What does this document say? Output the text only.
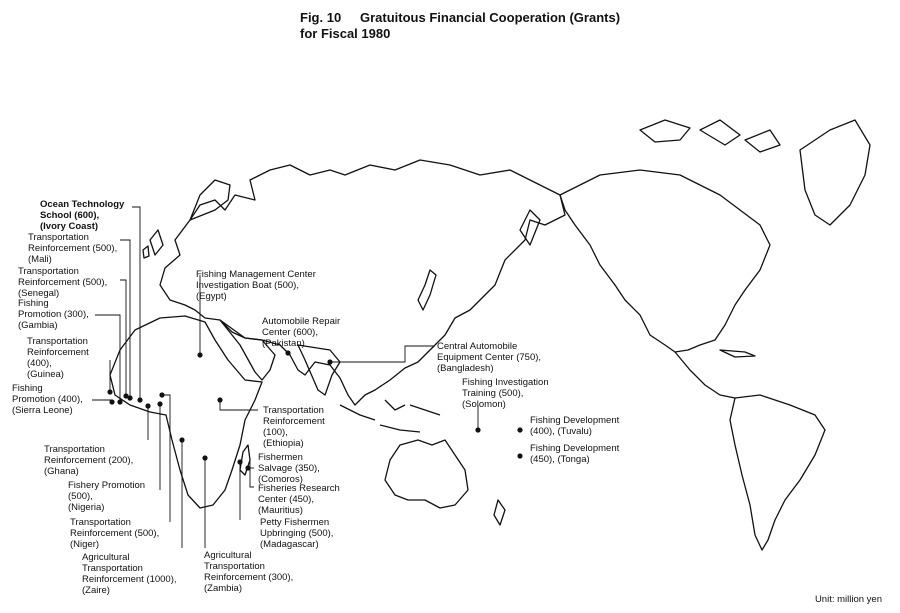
Fig. 10 Gratuitous Financial Cooperation (Grants)
for Fiscal 1980
Ocean Technology
School (600),
(Ivory Coast)
Transportation
Reinforcement (500),
(Mali)
Transportation
Reinforcement (500),
(Senegal)
Fishing
Promotion (300),
(Gambia)
Transportation
Reinforcement
(400),
(Guinea)
Fishing
Promotion (400),
(Sierra Leone)
Transportation
Reinforcement (200),
(Ghana)
Fishery Promotion
(500),
(Nigeria)
Transportation
Reinforcement (500),
(Niger)
Agricultural
Transportation
Reinforcement (1000),
(Zaire)
Agricultural
Transportation
Reinforcement (300),
(Zambia)
Petty Fishermen
Upbringing (500),
(Madagascar)
Fisheries Research
Center (450),
(Mauritius)
Fishermen
Salvage (350),
(Comoros)
Transportation
Reinforcement
(100),
(Ethiopia)
Fishing Management Center
Investigation Boat (500),
(Egypt)
Automobile Repair
Center (600),
(Pakistan)	Central Automobile
Equipment Center (750),
(Bangladesh)
Fishing Investigation
Training (500),
(Solomon)
Fishing Development
(400), (Tuvalu)
Fishing Development
(450), (Tonga)
Unit: million yen
